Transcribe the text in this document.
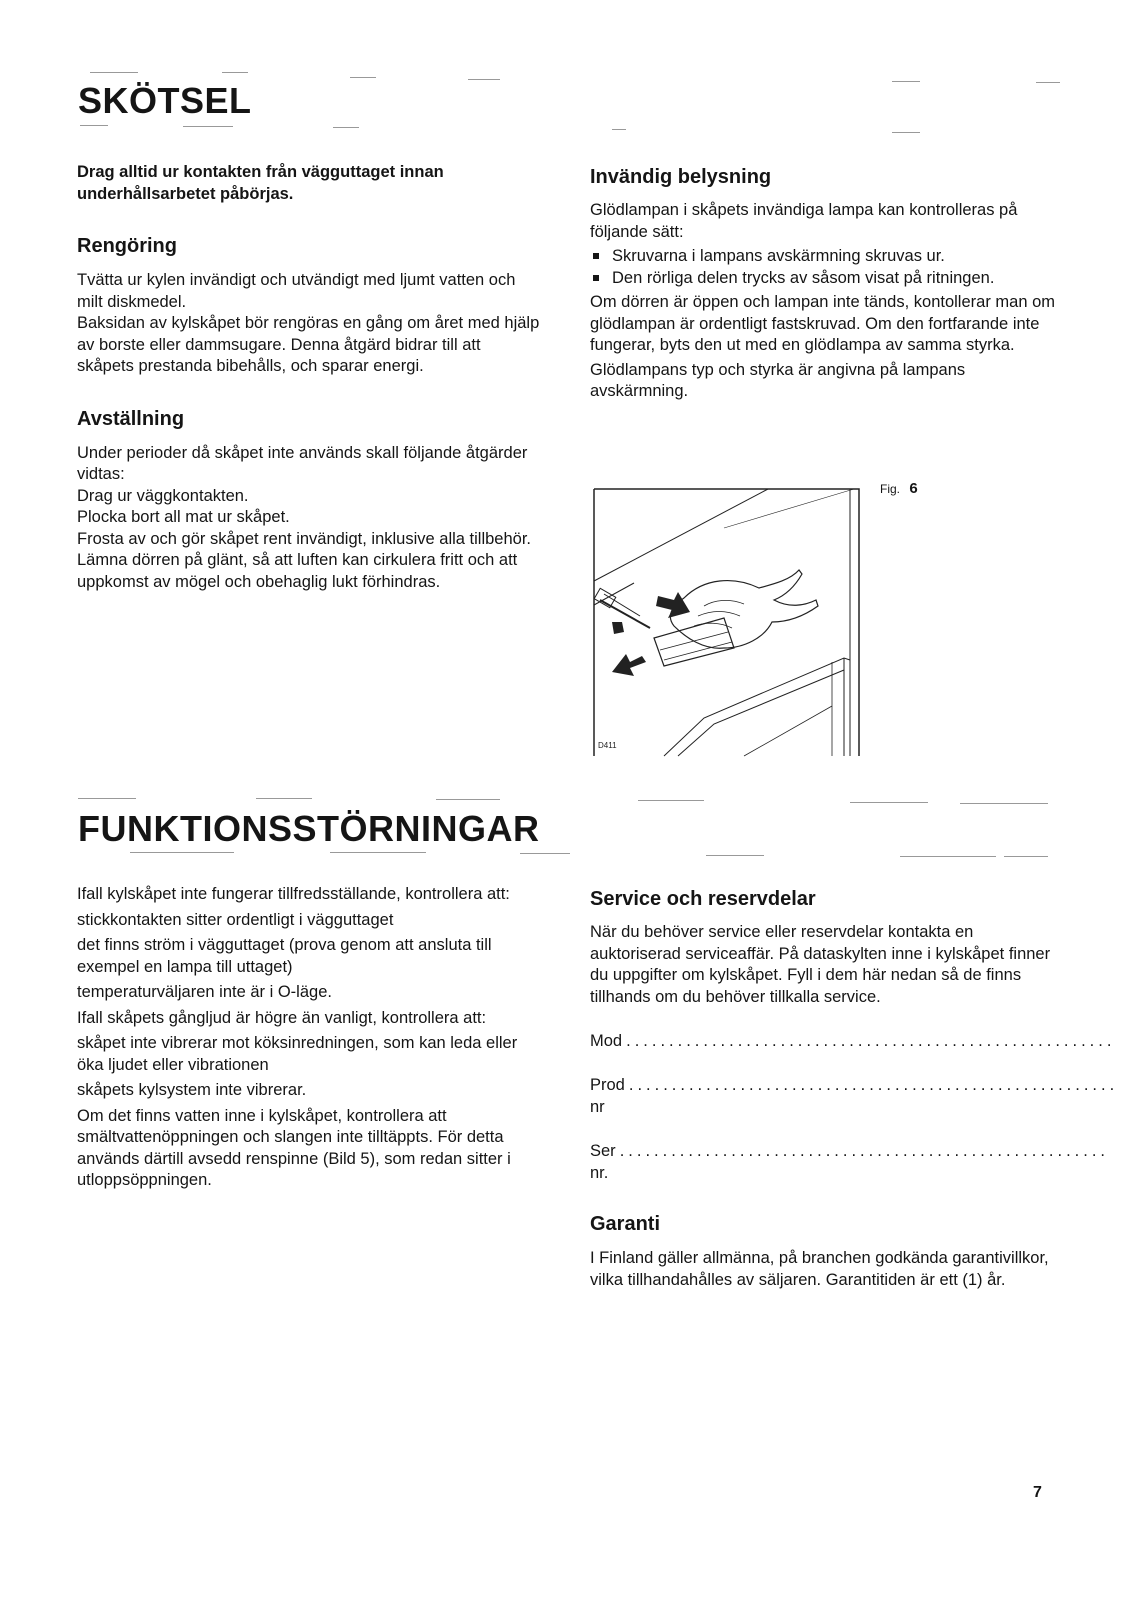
SKÖTSEL

Drag alltid ur kontakten från vägguttaget innan underhållsarbetet påbörjas.

Rengöring

Tvätta ur kylen invändigt och utvändigt med ljumt vatten och milt diskmedel.

Baksidan av kylskåpet bör rengöras en gång om året med hjälp av borste eller dammsugare. Denna åtgärd bidrar till att skåpets prestanda bibehålls, och sparar energi.

Avställning

Under perioder då skåpet inte används skall följande åtgärder vidtas:

Drag ur väggkontakten.

Plocka bort all mat ur skåpet.

Frosta av och gör skåpet rent invändigt, inklusive alla tillbehör.

Lämna dörren på glänt, så att luften kan cirkulera fritt och att uppkomst av mögel och obehaglig lukt förhindras.

Invändig belysning

Glödlampan i skåpets invändiga lampa kan kontrolleras på följande sätt:

Skruvarna i lampans avskärmning skruvas ur.
Den rörliga delen trycks av såsom visat på ritningen.

Om dörren är öppen och lampan inte tänds, kontollerar man om glödlampan är ordentligt fastskruvad. Om den fortfarande inte fungerar, byts den ut med en glödlampa av samma styrka.

Glödlampans typ och styrka är angivna på lampans avskärmning.

D411
Fig. 6
FUNKTIONSSTÖRNINGAR

Ifall kylskåpet inte fungerar tillfredsställande, kontrollera att:

stickkontakten sitter ordentligt i vägguttaget

det finns ström i vägguttaget (prova genom att ansluta till exempel en lampa till uttaget)

temperaturväljaren inte är i O-läge.

Ifall skåpets gångljud är högre än vanligt, kontrollera att:

skåpet inte vibrerar mot köksinredningen, som kan leda eller öka ljudet eller vibrationen

skåpets kylsystem inte vibrerar.

Om det finns vatten inne i kylskåpet, kontrollera att smältvattenöppningen och slangen inte tilltäppts. För detta används därtill avsedd renspinne (Bild 5), som redan sitter i utloppsöppningen.

Service och reservdelar

När du behöver service eller reservdelar kontakta en auktoriserad serviceaffär. På dataskylten inne i kylskåpet finner du uppgifter om kylskåpet. Fyll i dem här nedan så de finns tillhands om du behöver tillkalla service.

Mod .........................................................
Prod nr
.........................................................
Ser nr.
.........................................................
Garanti

I Finland gäller allmänna, på branchen godkända garantivillkor, vilka tillhandahålles av säljaren. Garantitiden är ett (1) år.

7
